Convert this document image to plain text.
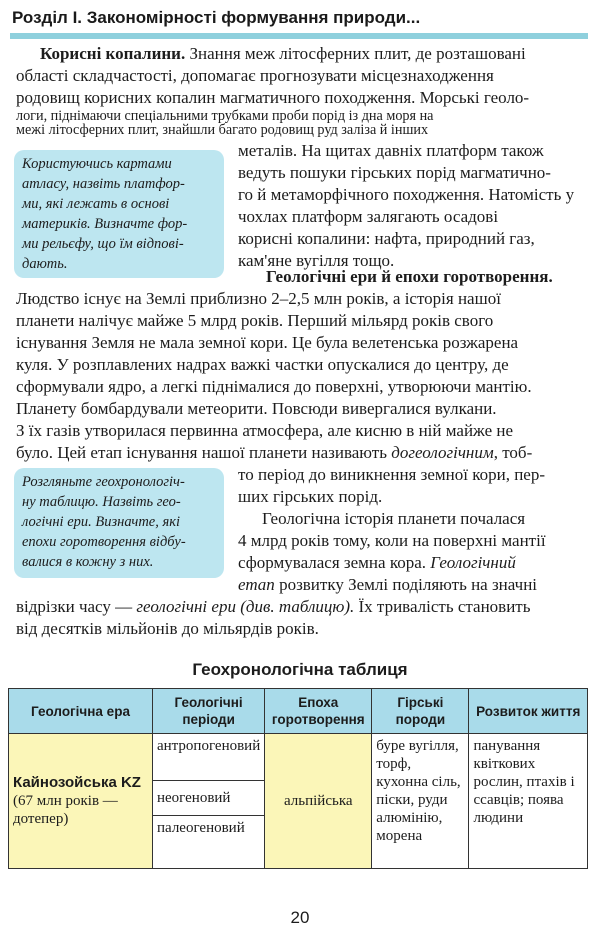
Розділ І. Закономірності формування природи...
Корисні копалини. Знання меж літосферних плит, де розташовані
області складчастості, допомагає прогнозувати місцезнаходження
родовищ корисних копалин магматичного походження. Морські геоло-
логи, піднімаючи спеціальними трубками проби порід із дна моря на
межі літосферних плит, знайшли багато родовищ руд заліза й інших
металів. На щитах давніх платформ також
ведуть пошуки гірських порід магматично-
го й метаморфічного походження. Натомість у чохлах платформ залягають осадові
корисні копалини: нафта, природний газ,
кам'яне вугілля тощо.
Користуючись картами
атласу, назвіть платфор-
ми, які лежать в основі
материків. Визначте фор-
ми рельєфу, що їм відпові-
дають.
Геологічні ери й епохи горотворення.
Людство існує на Землі приблизно 2–2,5 млн років, а історія нашої
планети налічує майже 5 млрд років. Перший мільярд років свого
існування Земля не мала земної кори. Це була велетенська розжарена
куля. У розплавлених надрах важкі частки опускалися до центру, де
сформували ядро, а легкі піднімалися до поверхні, утворюючи мантію.
Планету бомбардували метеорити. Повсюди вивергалися вулкани.
З їх газів утворилася первинна атмосфера, але кисню в ній майже не
було. Цей етап існування нашої планети називають догеологічним, тоб-
то період до виникнення земної кори, пер-
ших гірських порід.
Геологічна історія планети почалася
4 млрд років тому, коли на поверхні мантії
сформувалася земна кора. Геологічний
етап розвитку Землі поділяють на значні
відрізки часу — геологічні ери (див. таблицю). Їх тривалість становить
від десятків мільйонів до мільярдів років.
Розгляньте геохронологіч-
ну таблицю. Назвіть гео-
логічні ери. Визначте, які
епохи горотворення відбу-
валися в кожну з них.
Геохронологічна таблиця
Геологічна ера	Геологічні періоди	Епоха горотворення	Гірські породи	Розвиток життя
Кайнозойська KZ
(67 млн років — дотепер)	антропогеновий	альпійська	буре вугілля, торф, кухонна сіль, піски, руди алюмінію, морена	панування квіткових рослин, птахів і ссавців; поява людини
	неогеновий			
	палеогеновий			
20
